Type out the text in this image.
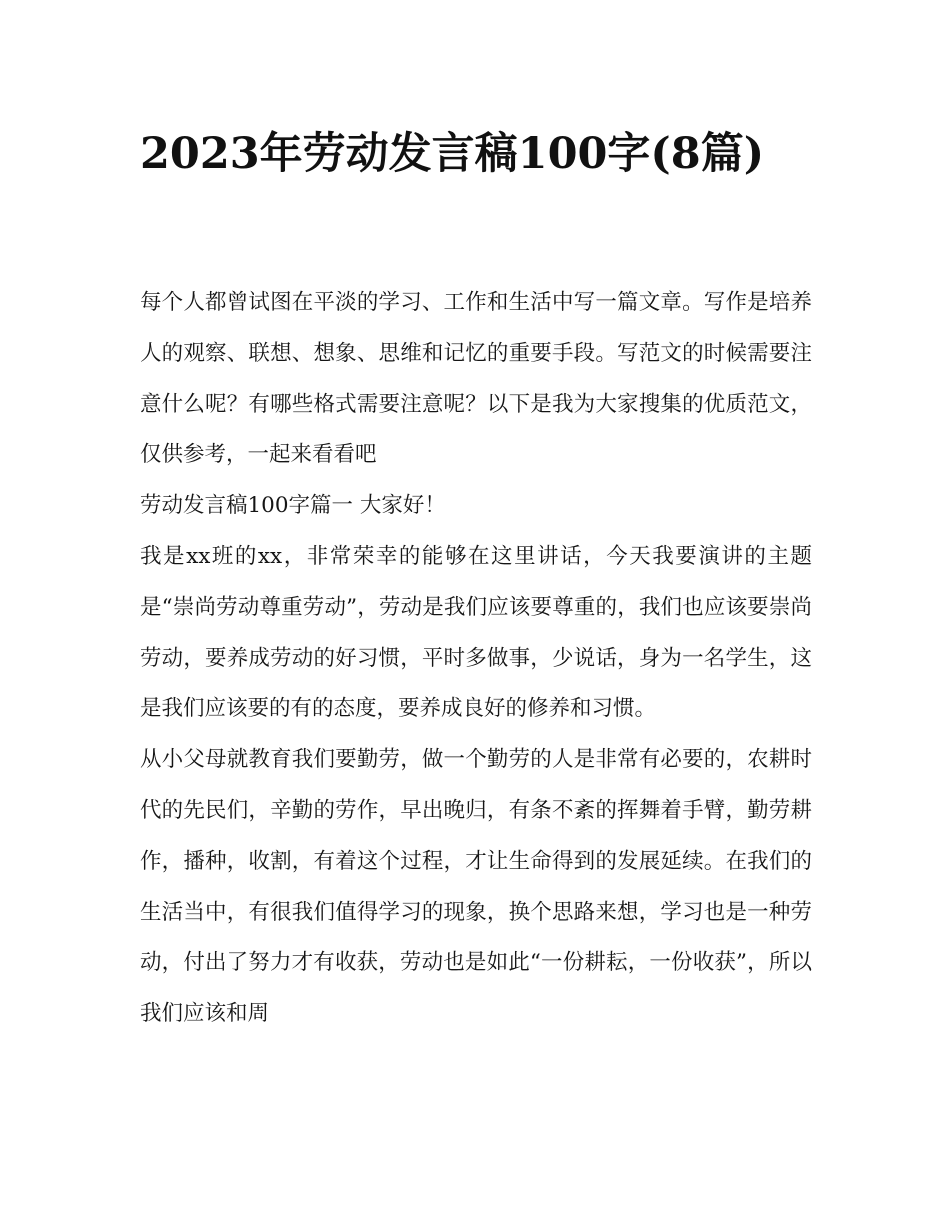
2023年劳动发言稿100字(8篇)

每个人都曾试图在平淡的学习、工作和生活中写一篇文章。写作是培养人的观察、联想、想象、思维和记忆的重要手段。写范文的时候需要注意什么呢？有哪些格式需要注意呢？以下是我为大家搜集的优质范文，仅供参考，一起来看看吧

劳动发言稿100字篇一 大家好！

我是xx班的xx，非常荣幸的能够在这里讲话，今天我要演讲的主题是“崇尚劳动尊重劳动”，劳动是我们应该要尊重的，我们也应该要崇尚劳动，要养成劳动的好习惯，平时多做事，少说话，身为一名学生，这是我们应该要的有的态度，要养成良好的修养和习惯。

从小父母就教育我们要勤劳，做一个勤劳的人是非常有必要的，农耕时代的先民们，辛勤的劳作，早出晚归，有条不紊的挥舞着手臂，勤劳耕作，播种，收割，有着这个过程，才让生命得到的发展延续。在我们的生活当中，有很我们值得学习的现象，换个思路来想，学习也是一种劳动，付出了努力才有收获，劳动也是如此“一份耕耘，一份收获”，所以我们应该和周
